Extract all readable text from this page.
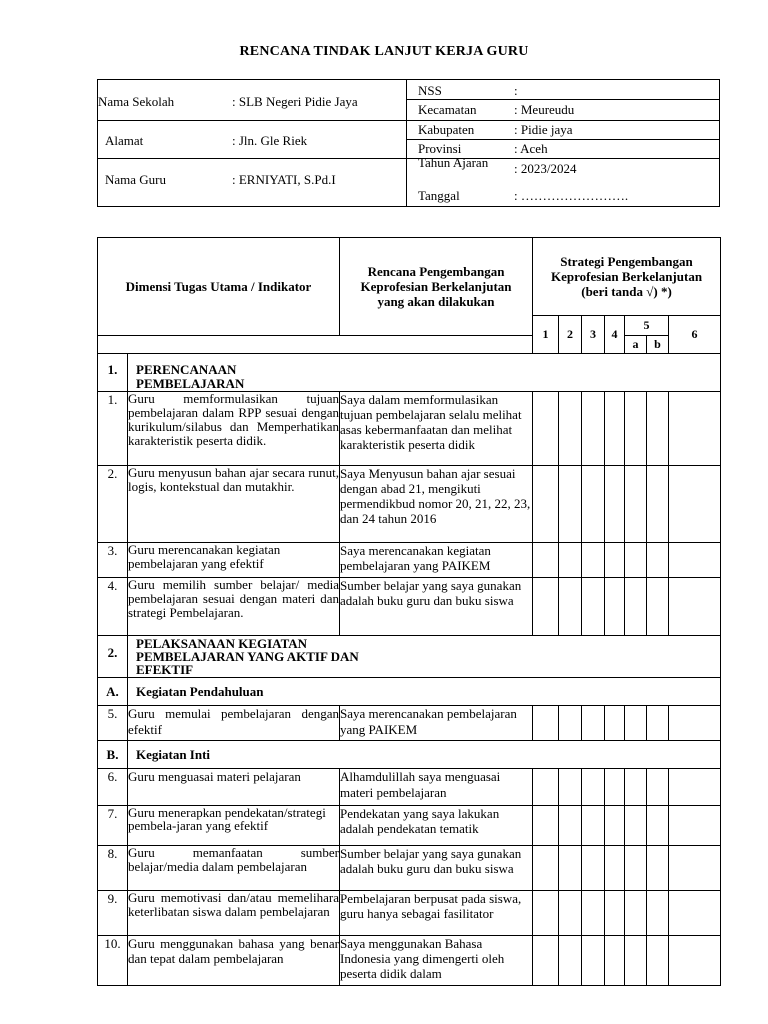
RENCANA TINDAK LANJUT KERJA GURU
Nama Sekolah	: SLB Negeri Pidie Jaya
Alamat	: Jln. Gle Riek
Nama Guru	: ERNIYATI, S.Pd.I
NSS	:
Kecamatan	: Meureudu
Kabupaten	: Pidie jaya
Provinsi	: Aceh
Tahun Ajaran : 2023/2024
Tanggal	: …………………….
Dimensi Tugas Utama / Indikator		Rencana Pengembangan Keprofesian Berkelanjutan yang akan dilakukan	Strategi Pengembangan Keprofesian Berkelanjutan (beri tanda √) *)						
			1	2	3	4	5		6
							a	b	
1.	PERENCANAAN PEMBELAJARAN								

1.	Guru memformulasikan tujuan pembelajaran dalam RPP sesuai dengan kurikulum/silabus dan Memperhatikan karakteristik peserta didik.	Saya dalam memformulasikan tujuan pembelajaran selalu melihat asas kebermanfaatan dan melihat karakteristik peserta didik							
2.	Guru menyusun bahan ajar secara runut, logis, kontekstual dan mutakhir.	Saya Menyusun bahan ajar sesuai dengan abad 21, mengikuti permendikbud nomor 20, 21, 22, 23, dan 24 tahun 2016							
3.	Guru merencanakan kegiatan pembelajaran yang efektif	Saya merencanakan kegiatan pembelajaran yang PAIKEM							
4.	Guru memilih sumber belajar/ media pembelajaran sesuai dengan materi dan strategi Pembelajaran.	Sumber belajar yang saya gunakan adalah buku guru dan buku siswa							
2.	PELAKSANAAN KEGIATAN PEMBELAJARAN YANG AKTIF DAN EFEKTIF								

A.	Kegiatan Pendahuluan								
5.	Guru memulai pembelajaran dengan efektif	Saya merencanakan pembelajaran yang PAIKEM							
B.	Kegiatan Inti								
6.	Guru menguasai materi pelajaran	Alhamdulillah saya menguasai materi pembelajaran							
7.	Guru menerapkan pendekatan/strategi pembela-jaran yang efektif	Pendekatan yang saya lakukan adalah pendekatan tematik							
8.	Guru memanfaatan sumber belajar/media dalam pembelajaran	Sumber belajar yang saya gunakan adalah buku guru dan buku siswa							
9.	Guru memotivasi dan/atau memelihara keterlibatan siswa dalam pembelajaran	Pembelajaran berpusat pada siswa, guru hanya sebagai fasilitator							
10.	Guru menggunakan bahasa yang benar dan tepat dalam pembelajaran	Saya menggunakan Bahasa Indonesia yang dimengerti oleh peserta didik dalam							
